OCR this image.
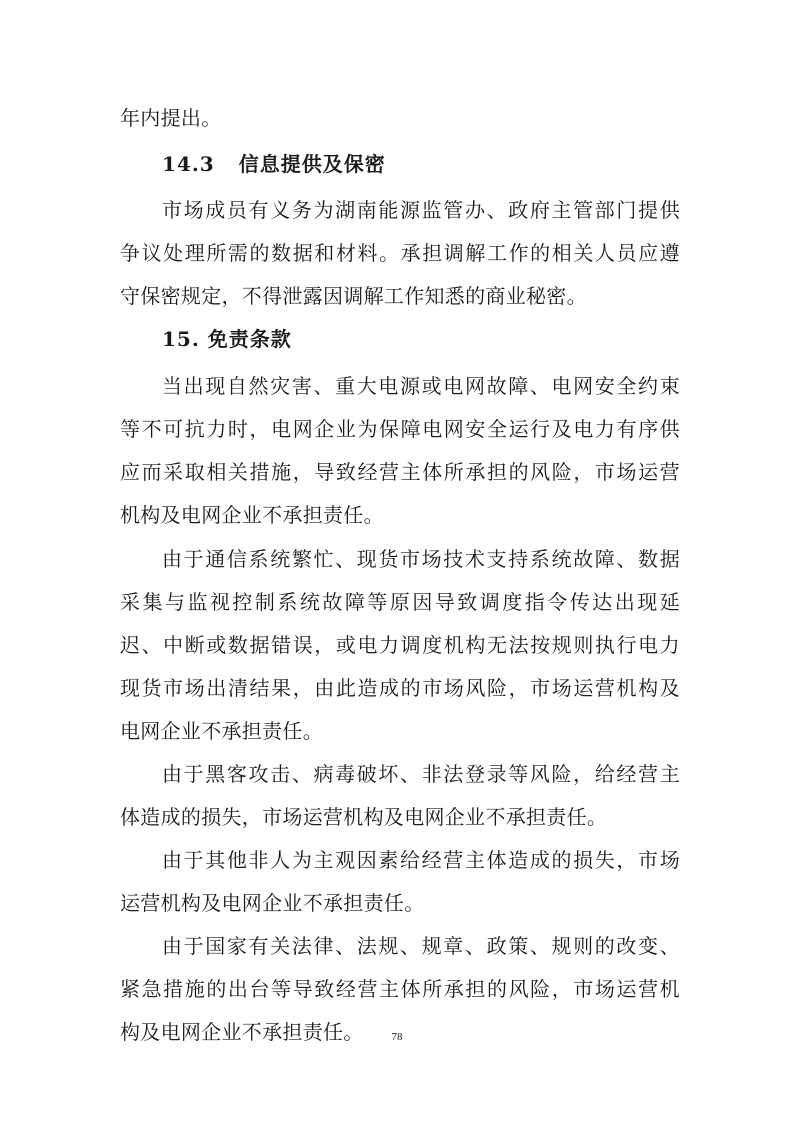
年内提出。
14.3 信息提供及保密
市场成员有义务为湖南能源监管办、政府主管部门提供
争议处理所需的数据和材料。承担调解工作的相关人员应遵
守保密规定，不得泄露因调解工作知悉的商业秘密。
15. 免责条款
当出现自然灾害、重大电源或电网故障、电网安全约束
等不可抗力时，电网企业为保障电网安全运行及电力有序供
应而采取相关措施，导致经营主体所承担的风险，市场运营
机构及电网企业不承担责任。
由于通信系统繁忙、现货市场技术支持系统故障、数据
采集与监视控制系统故障等原因导致调度指令传达出现延
迟、中断或数据错误，或电力调度机构无法按规则执行电力
现货市场出清结果，由此造成的市场风险，市场运营机构及
电网企业不承担责任。
由于黑客攻击、病毒破坏、非法登录等风险，给经营主
体造成的损失，市场运营机构及电网企业不承担责任。
由于其他非人为主观因素给经营主体造成的损失，市场
运营机构及电网企业不承担责任。
由于国家有关法律、法规、规章、政策、规则的改变、
紧急措施的出台等导致经营主体所承担的风险，市场运营机
构及电网企业不承担责任。	78
